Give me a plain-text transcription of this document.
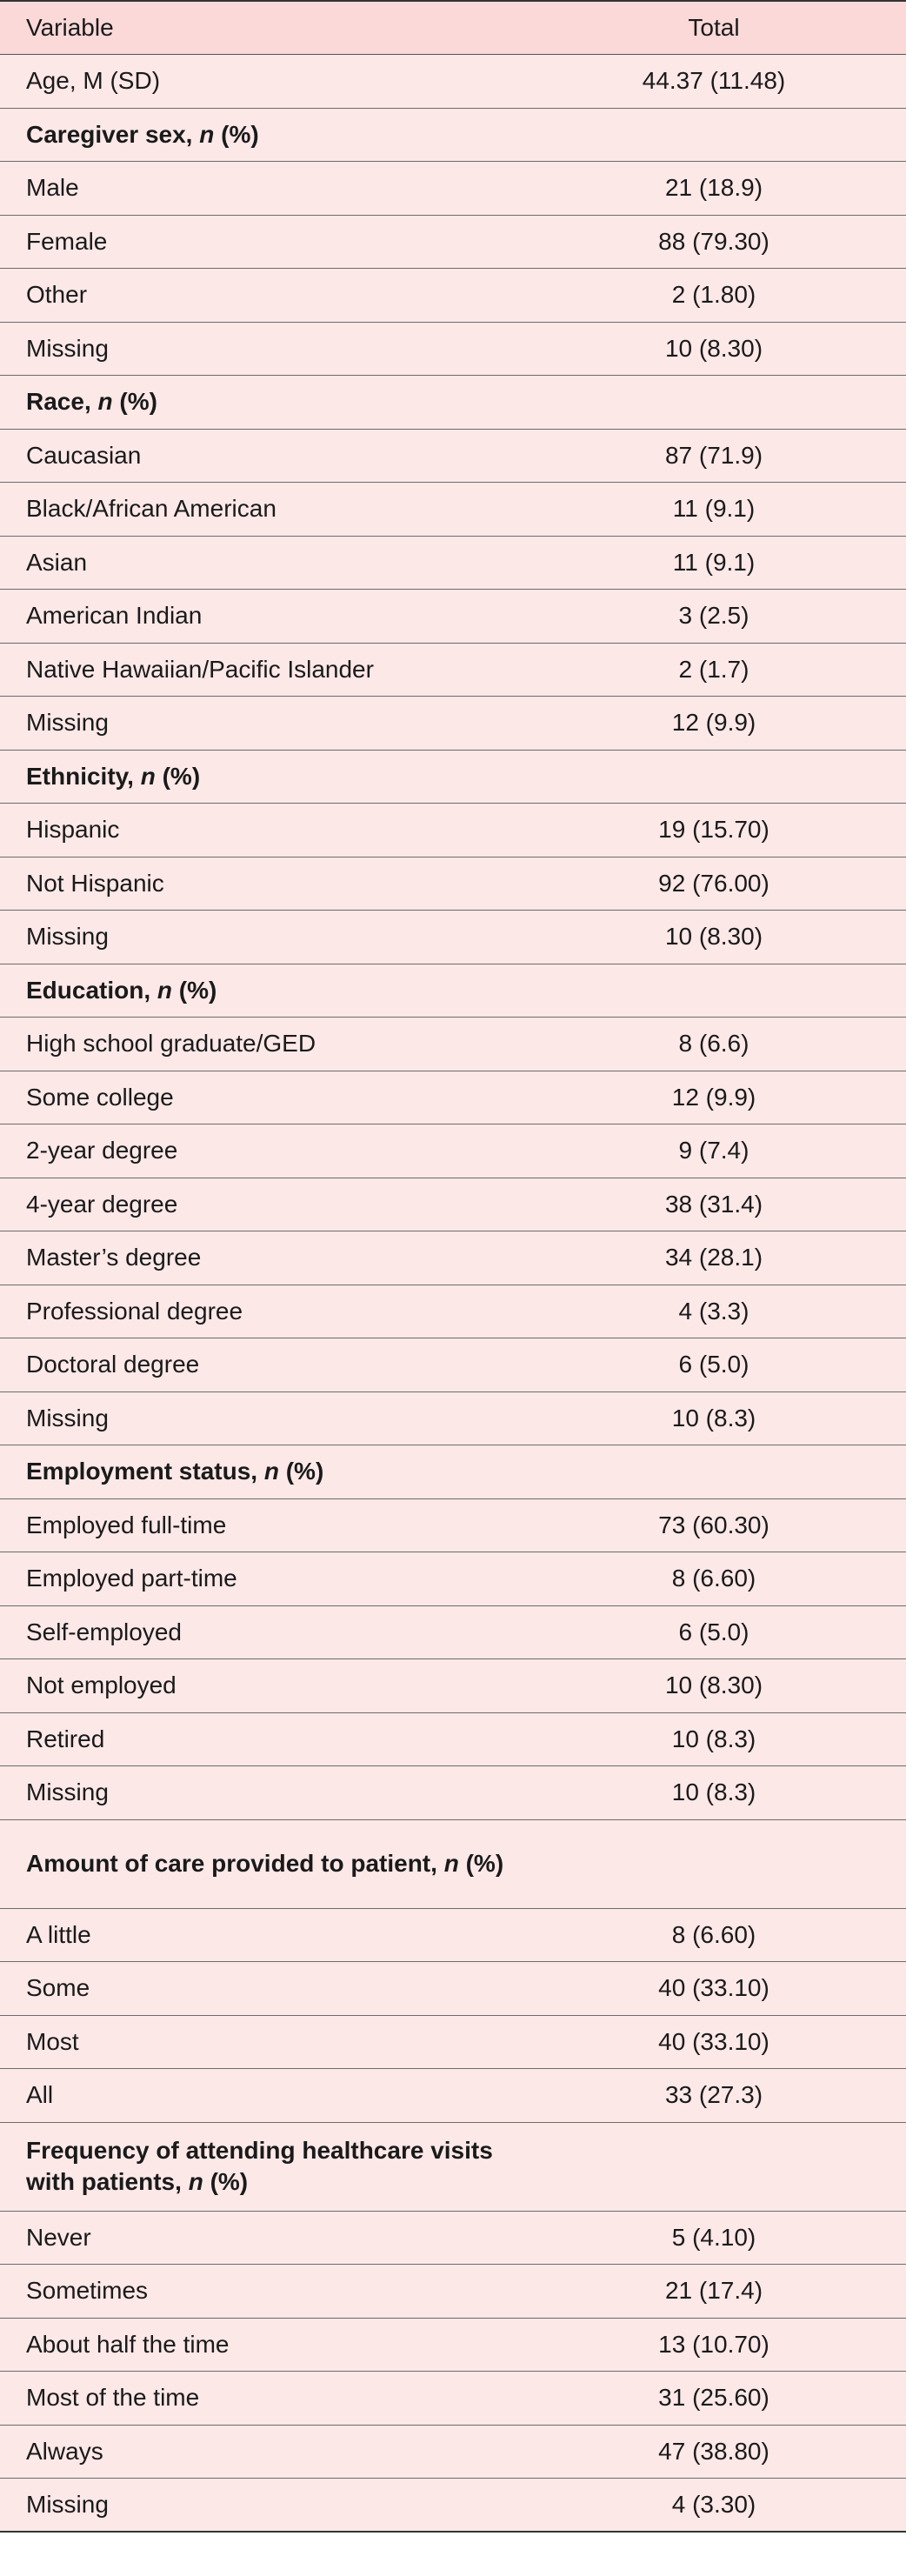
Variable	Total
Age, M (SD)	44.37 (11.48)
Caregiver sex, n (%)	
Male	21 (18.9)
Female	88 (79.30)
Other	2 (1.80)
Missing	10 (8.30)
Race, n (%)	
Caucasian	87 (71.9)
Black/African American	11 (9.1)
Asian	11 (9.1)
American Indian	3 (2.5)
Native Hawaiian/Pacific Islander	2 (1.7)
Missing	12 (9.9)
Ethnicity, n (%)	
Hispanic	19 (15.70)
Not Hispanic	92 (76.00)
Missing	10 (8.30)
Education, n (%)	
High school graduate/GED	8 (6.6)
Some college	12 (9.9)
2-year degree	9 (7.4)
4-year degree	38 (31.4)
Master’s degree	34 (28.1)
Professional degree	4 (3.3)
Doctoral degree	6 (5.0)
Missing	10 (8.3)
Employment status, n (%)	
Employed full-time	73 (60.30)
Employed part-time	8 (6.60)
Self-employed	6 (5.0)
Not employed	10 (8.30)
Retired	10 (8.3)
Missing	10 (8.3)
Amount of care provided to patient, n (%)	
A little	8 (6.60)
Some	40 (33.10)
Most	40 (33.10)
All	33 (27.3)
Frequency of attending healthcare visits with patients, n (%)	
Never	5 (4.10)
Sometimes	21 (17.4)
About half the time	13 (10.70)
Most of the time	31 (25.60)
Always	47 (38.80)
Missing	4 (3.30)
